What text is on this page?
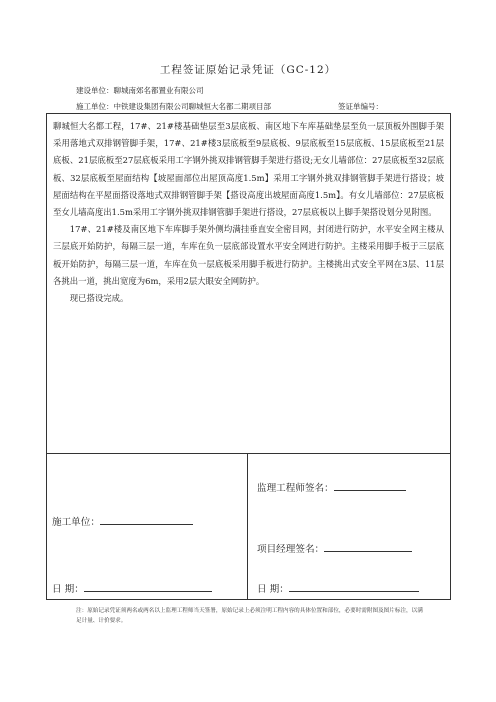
工程签证原始记录凭证（GC-12）
建设单位：聊城南郊名都置业有限公司
施工单位：中铁建设集团有限公司聊城恒大名都二期项目部	签证单编号：

聊城恒大名都工程，17#、21#楼基础垫层至3层底板、南区地下车库基础垫层至负一层顶板外围脚手架采用落地式双排钢管脚手架，17#、21#楼3层底板至9层底板、9层底板至15层底板、15层底板至21层底板、21层底板至27层底板采用工字钢外挑双排钢管脚手架进行搭设;无女儿墙部位：27层底板至32层底板、32层底板至屋面结构【坡屋面部位出屋顶高度1.5m】采用工字钢外挑双排钢管脚手架进行搭设；坡屋面结构在平屋面搭设落地式双排钢管脚手架【搭设高度出坡屋面高度1.5m】。有女儿墙部位：27层底板至女儿墙高度出1.5m采用工字钢外挑双排钢管脚手架进行搭设，27层底板以上脚手架搭设划分见附图。

17#、21#楼及南区地下车库脚手架外侧均满挂垂直安全密目网，封闭进行防护，水平安全网主楼从三层底开始防护，每隔三层一道，车库在负一层底部设置水平安全网进行防护。主楼采用脚手板于三层底板开始防护，每隔三层一道，车库在负一层底板采用脚手板进行防护。主楼挑出式安全平网在3层、11层各挑出一道，挑出宽度为6m，采用2层大眼安全网防护。

现已搭设完成。

施工单位：
日 期：
监理工程师签名：
项目经理签名：
日 期：
注：原始记录凭证须两名或两名以上监理工程师当天签署，原始记录上必须注明工程内容的具体位置和部位，必要时需附图及图片标注，以满足计量、计价要求。
